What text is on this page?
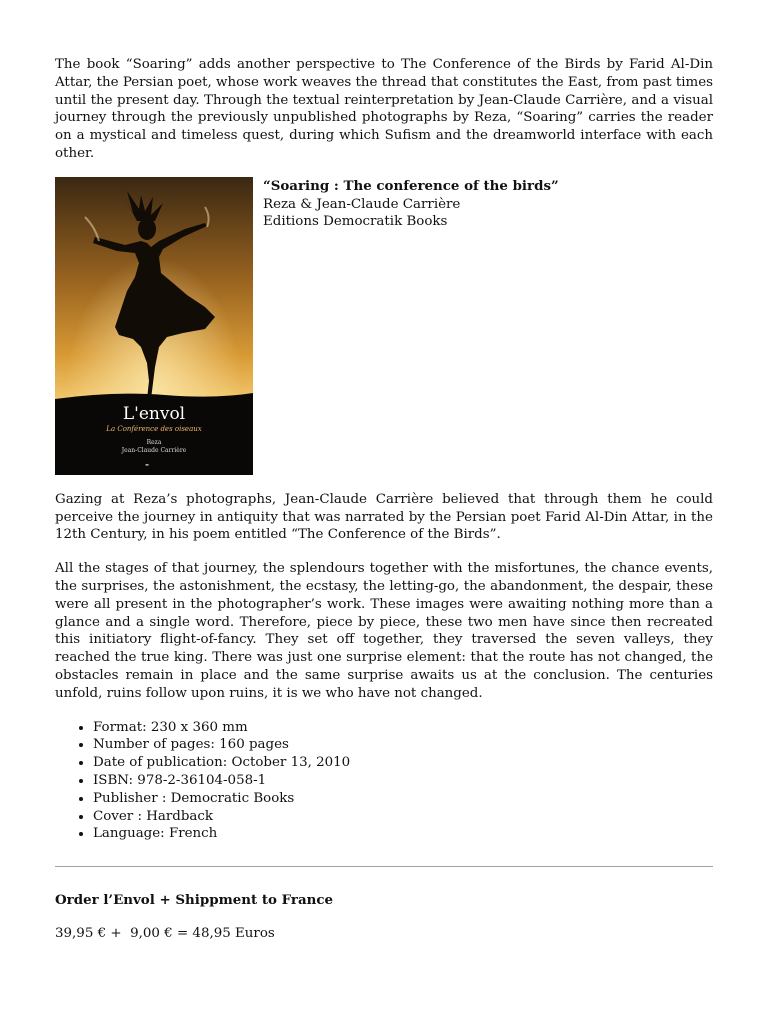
The book “Soaring” adds another perspective to The Conference of the Birds by Farid Al-Din Attar, the Persian poet, whose work weaves the thread that constitutes the East, from past times until the present day. Through the textual reinterpretation by Jean-Claude Carrière, and a visual journey through the previously unpublished photographs by Reza, “Soaring” carries the reader on a mystical and timeless quest, during which Sufism and the dreamworld interface with each other.

L'envol
La Conférence des oiseaux
Reza
Jean-Claude Carrière
▬
“Soaring : The conference of the birds”
Reza & Jean-Claude Carrière
Editions Democratik Books

Gazing at Reza’s photographs, Jean-Claude Carrière believed that through them he could perceive the journey in antiquity that was narrated by the Persian poet Farid Al-Din Attar, in the 12th Century, in his poem entitled “The Conference of the Birds”.

All the stages of that journey, the splendours together with the misfortunes, the chance events, the surprises, the astonishment, the ecstasy, the letting-go, the abandonment, the despair, these were all present in the photographer’s work. These images were awaiting nothing more than a glance and a single word. Therefore, piece by piece, these two men have since then recreated this initiatory flight-of-fancy. They set off together, they traversed the seven valleys, they reached the true king. There was just one surprise element: that the route has not changed, the obstacles remain in place and the same surprise awaits us at the conclusion. The centuries unfold, ruins follow upon ruins, it is we who have not changed.

• Format: 230 x 360 mm
• Number of pages: 160 pages
• Date of publication: October 13, 2010
• ISBN: 978-2-36104-058-1
• Publisher : Democratic Books
• Cover : Hardback
• Language: French

Order l’Envol + Shippment to France

39,95 € +  9,00 € = 48,95 Euros
